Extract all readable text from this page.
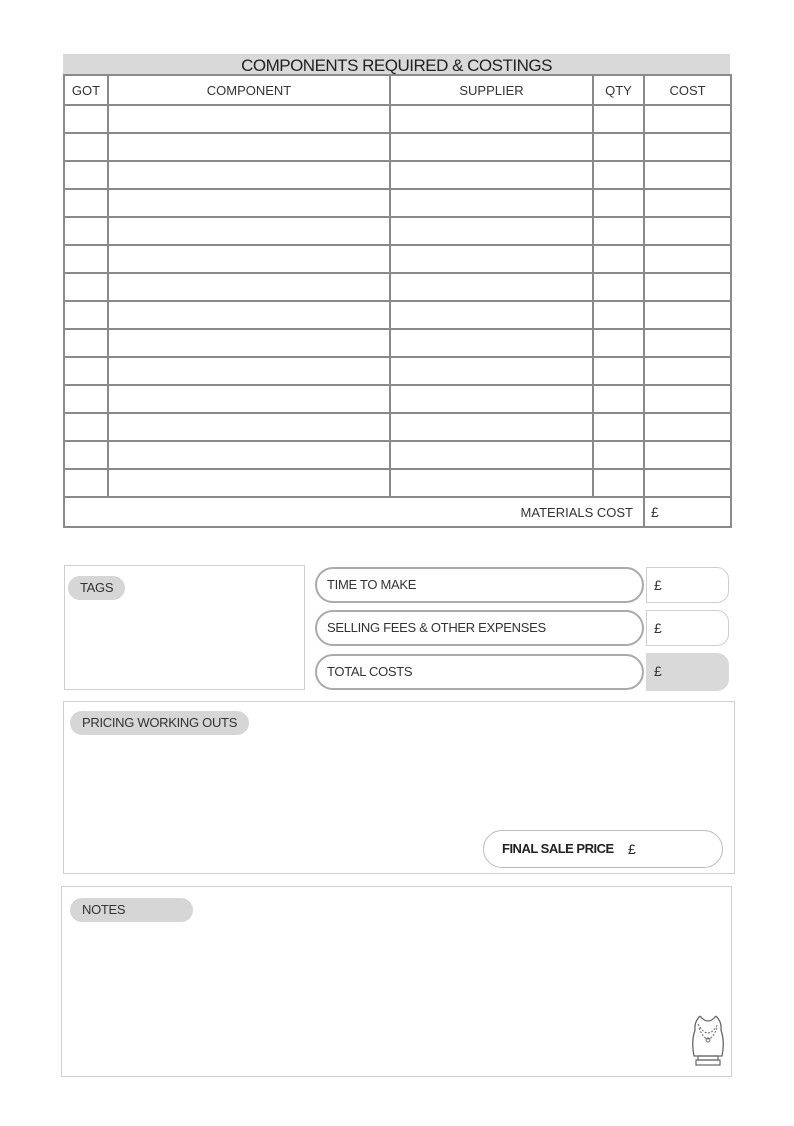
COMPONENTS REQUIRED & COSTINGS
GOT	COMPONENT	SUPPLIER	QTY	COST

MATERIALS COST				£
TAGS	TIME TO MAKE	£
SELLING FEES & OTHER EXPENSES	£
TOTAL COSTS	£
PRICING WORKING OUTS
FINAL SALE PRICE £
NOTES
